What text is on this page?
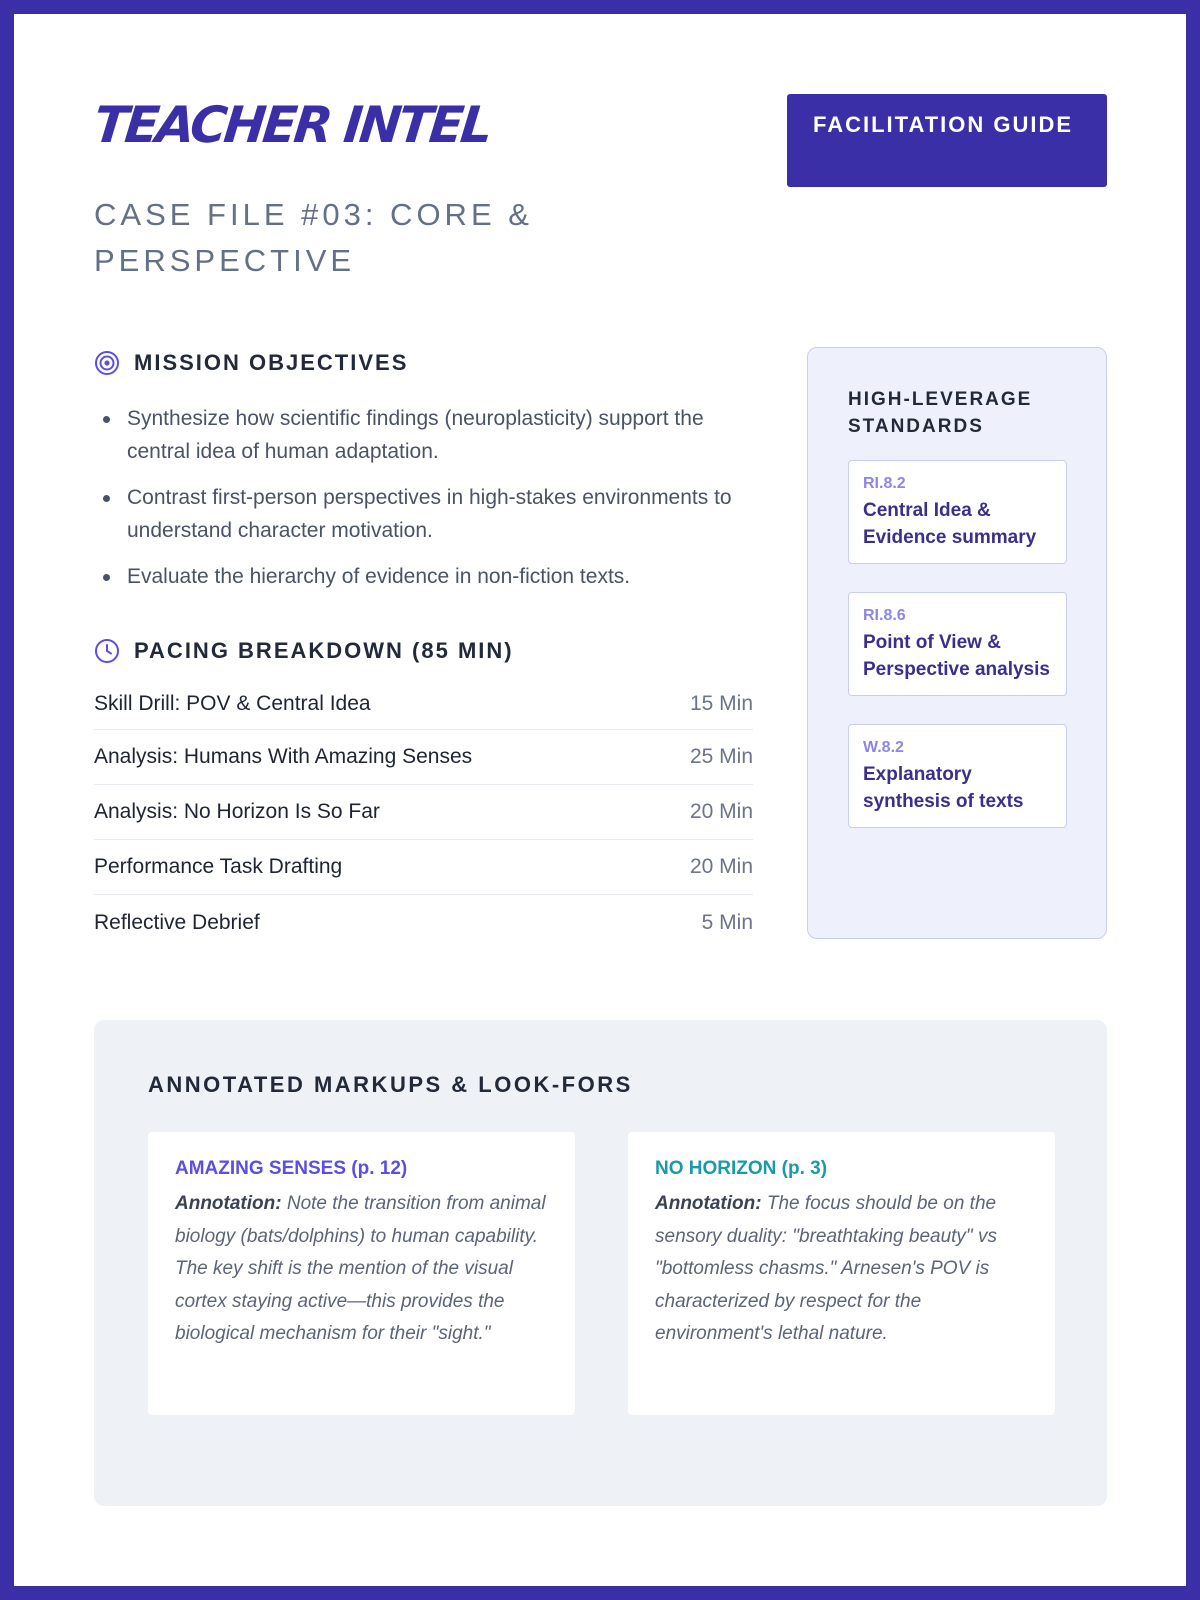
TEACHER INTEL
CASE FILE #03: CORE & PERSPECTIVE
FACILITATION GUIDE
MISSION OBJECTIVES
Synthesize how scientific findings (neuroplasticity) support the central idea of human adaptation.
Contrast first-person perspectives in high-stakes environments to understand character motivation.
Evaluate the hierarchy of evidence in non-fiction texts.
PACING BREAKDOWN (85 MIN)
Skill Drill: POV & Central Idea	15 Min
Analysis: Humans With Amazing Senses	25 Min
Analysis: No Horizon Is So Far	20 Min
Performance Task Drafting	20 Min
Reflective Debrief	5 Min
HIGH-LEVERAGE STANDARDS
RI.8.2
Central Idea & Evidence summary
RI.8.6
Point of View & Perspective analysis
W.8.2
Explanatory synthesis of texts
ANNOTATED MARKUPS & LOOK-FORS
AMAZING SENSES (p. 12)

Annotation: Note the transition from animal biology (bats/dolphins) to human capability. The key shift is the mention of the visual cortex staying active—this provides the biological mechanism for their "sight."

NO HORIZON (p. 3)

Annotation: The focus should be on the sensory duality: "breathtaking beauty" vs "bottomless chasms." Arnesen's POV is characterized by respect for the environment's lethal nature.
